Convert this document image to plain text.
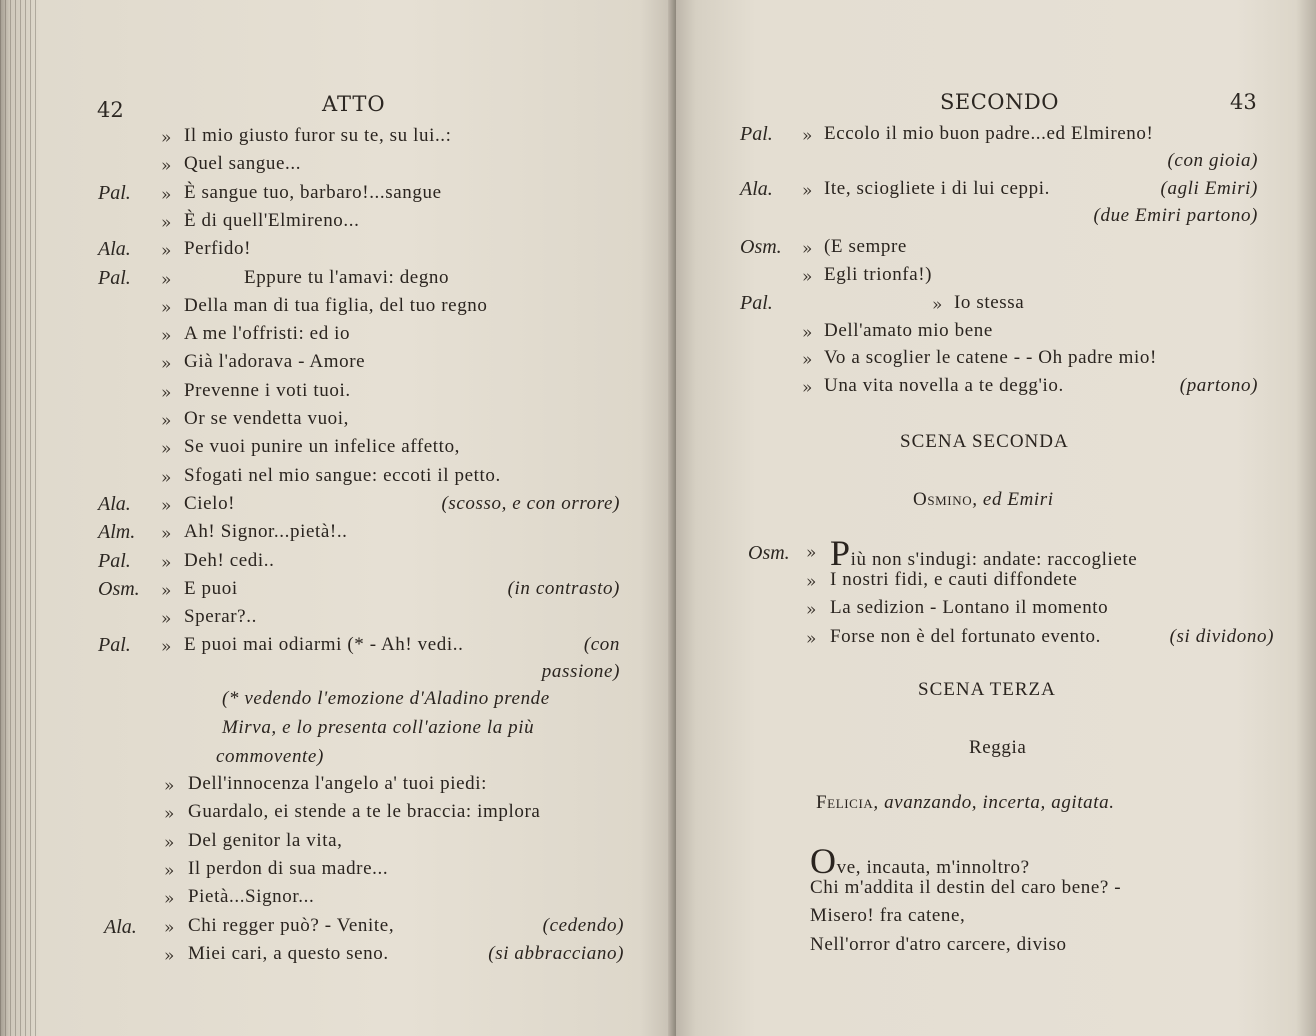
42	ATTO
» Il mio giusto furor su te, su lui..:
» Quel sangue...
Pal. » È sangue tuo, barbaro!...sangue
» È di quell'Elmireno...
Ala. » Perfido!
Pal. »	Eppure tu l'amavi: degno
» Della man di tua figlia, del tuo regno
» A me l'offristi: ed io
» Già l'adorava - Amore
» Prevenne i voti tuoi.
» Or se vendetta vuoi,
» Se vuoi punire un infelice affetto,
» Sfogati nel mio sangue: eccoti il petto.
Ala. » Cielo!	(scosso, e con orrore)
Alm. » Ah! Signor...pietà!..
Pal. » Deh! cedi..
Osm. » E puoi	(in contrasto)
» Sperar?..
Pal. » E puoi mai odiarmi (* - Ah! vedi..	(con
passione)
(* vedendo l'emozione d'Aladino prende
Mirva, e lo presenta coll'azione la più
commovente)
» Dell'innocenza l'angelo a' tuoi piedi:
» Guardalo, ei stende a te le braccia: implora
» Del genitor la vita,
» Il perdon di sua madre...
» Pietà...Signor...
Ala. » Chi regger può? - Venite,	(cedendo)
» Miei cari, a questo seno.	(si abbracciano)
SECONDO	43
Pal. » Eccolo il mio buon padre...ed Elmireno!
(con gioia)
Ala. » Ite, sciogliete i di lui ceppi.	(agli Emiri)
(due Emiri partono)
Osm. » (E sempre
» Egli trionfa!)
Pal.	» Io stessa
» Dell'amato mio bene
» Vo a scoglier le catene - - Oh padre mio!
» Una vita novella a te degg'io.	(partono)
SCENA SECONDA
Osmino, ed Emiri
Osm. » Più non s'indugi: andate: raccogliete
» I nostri fidi, e cauti diffondete
» La sedizion - Lontano il momento
» Forse non è del fortunato evento.	(si dividono)
SCENA TERZA
Reggia
Felicia, avanzando, incerta, agitata.
Ove, incauta, m'innoltro?
Chi m'addita il destin del caro bene? -
Misero! fra catene,
Nell'orror d'atro carcere, diviso
